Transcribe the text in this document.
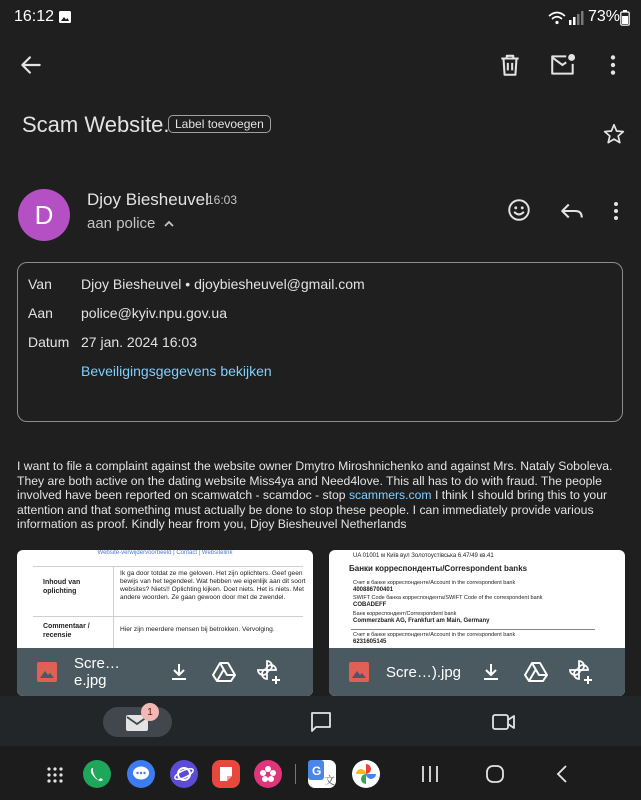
16:12	73%
Scam Website. Label toevoegen
D	Djoy Biesheuvel
16:03
aan police
Van Djoy Biesheuvel • djoybiesheuvel@gmail.com
Aan police@kyiv.npu.gov.ua
Datum 27 jan. 2024 16:03
Beveiligingsgegevens bekijken
I want to file a complaint against the website owner Dmytro Miroshnichenko and against Mrs. Nataly Soboleva. They are both active on the dating website Miss4ya and Need4love. This all has to do with fraud. The people involved have been reported on scamwatch - scamdoc - stop scammers.com I think I should bring this to your attention and that something must actually be done to stop these people. I can immediately provide various information as proof. Kindly hear from you, Djoy Biesheuvel Netherlands
Website-verwijdervoorbeeld | Contact | Websitelink
Inhoud van oplichting
Ik ga door totdat ze me geloven. Het zijn oplichters. Geef geen bewijs van het tegendeel. Wat hebben we eigenlijk aan dit soort websites? Niets!! Oplichting kijken. Doet niets. Het is niets. Met andere woorden. Ze gaan gewoon door met de zwendel.
Commentaar / recensie
Hier zijn meerdere mensen bij betrokken. Vervolging.
Scre…e.jpg
UA 01001 м Київ вул Золотоустівська 6.47/49 кв.41
Банки корреспонденты/Correspondent banks
Счет в банке корреспонденте/Account in the correspondent bank
400886700401
SWIFT Code банка корреспондента/SWIFT Code of the correspondent bank
COBADEFF
Банк корреспондент/Correspondent bank
Commerzbank AG, Frankfurt am Main, Germany
Счет в банке корреспонденте/Account in the correspondent bank
6231605145
Scre…).jpg
1
G
文
